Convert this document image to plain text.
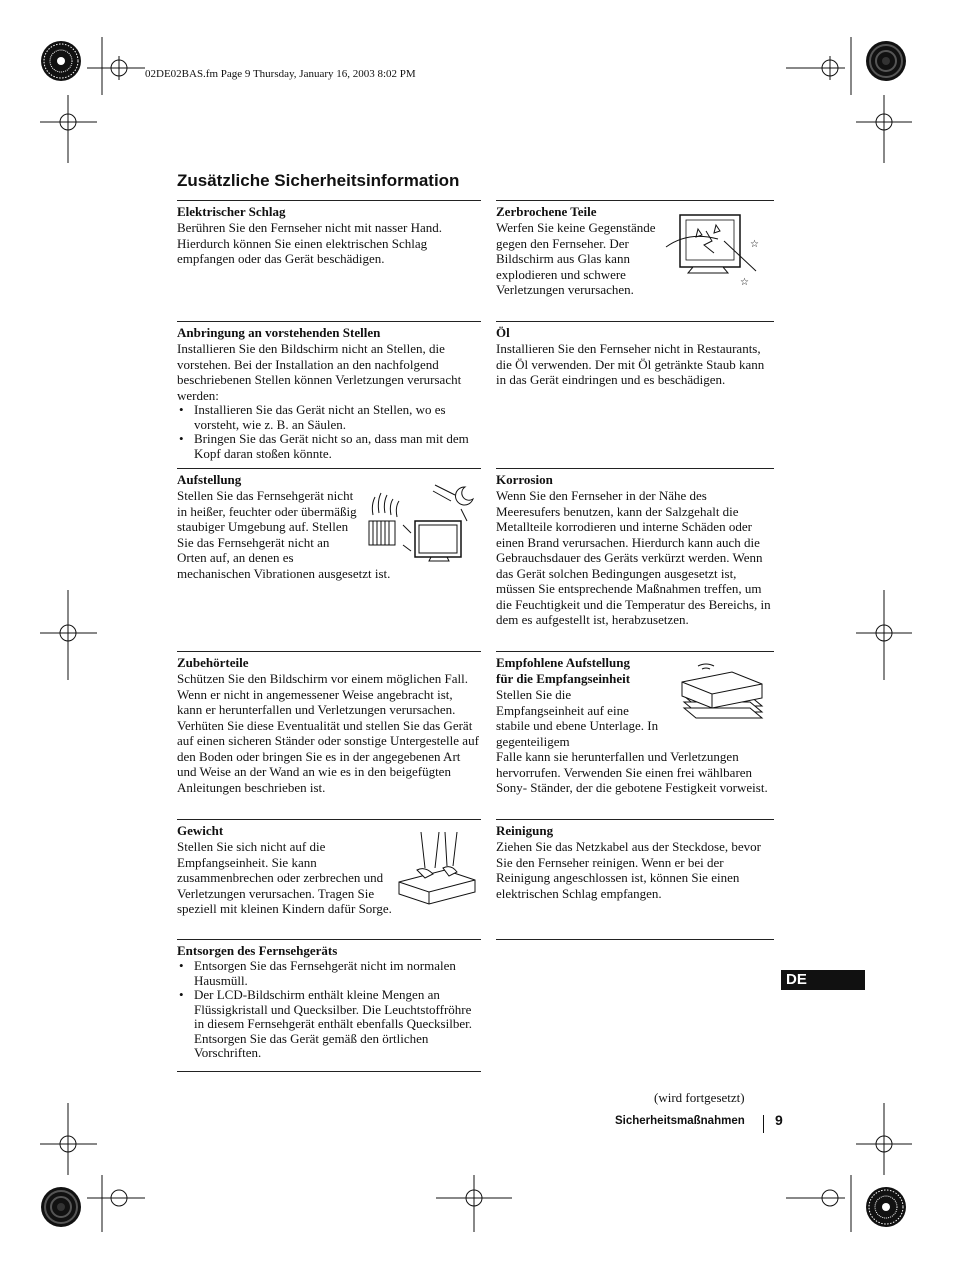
02DE02BAS.fm Page 9 Thursday, January 16, 2003 8:02 PM
Zusätzliche Sicherheitsinformation
Elektrischer Schlag
Berühren Sie den Fernseher nicht mit nasser Hand. Hierdurch können Sie einen elektrischen Schlag empfangen oder das Gerät beschädigen.
Zerbrochene Teile
Werfen Sie keine Gegenstände gegen den Fernseher. Der Bildschirm aus Glas kann explodieren und schwere Verletzungen verursachen.
☆
☆
Anbringung an vorstehenden Stellen
Installieren Sie den Bildschirm nicht an Stellen, die vorstehen. Bei der Installation an den nachfolgend beschriebenen Stellen können Verletzungen verursacht werden:
• Installieren Sie das Gerät nicht an Stellen, wo es vorsteht, wie z. B. an Säulen.
• Bringen Sie das Gerät nicht so an, dass man mit dem Kopf daran stoßen könnte.
Öl
Installieren Sie den Fernseher nicht in Restaurants, die Öl verwenden. Der mit Öl getränkte Staub kann in das Gerät eindringen und es beschädigen.
Aufstellung
Stellen Sie das Fernsehgerät nicht in heißer, feuchter oder übermäßig staubiger Umgebung auf. Stellen Sie das Fernsehgerät nicht an Orten auf, an denen es
mechanischen Vibrationen ausgesetzt ist.
Korrosion
Wenn Sie den Fernseher in der Nähe des Meeresufers benutzen, kann der Salzgehalt die Metallteile korrodieren und interne Schäden oder einen Brand verursachen. Hierdurch kann auch die Gebrauchsdauer des Geräts verkürzt werden. Wenn das Gerät solchen Bedingungen ausgesetzt ist, müssen Sie entsprechende Maßnahmen treffen, um die Feuchtigkeit und die Temperatur des Bereichs, in dem es aufgestellt ist, herabzusetzen.
Zubehörteile
Schützen Sie den Bildschirm vor einem möglichen Fall. Wenn er nicht in angemessener Weise angebracht ist, kann er herunterfallen und Verletzungen verursachen. Verhüten Sie diese Eventualität und stellen Sie das Gerät auf einen sicheren Ständer oder sonstige Untergestelle auf den Boden oder bringen Sie es in der angegebenen Art und Weise an der Wand an wie es in den beigefügten Anleitungen beschrieben ist.
Empfohlene Aufstellung
für die Empfangseinheit
Stellen Sie die Empfangseinheit auf eine stabile und ebene Unterlage. In gegenteiligem
Falle kann sie herunterfallen und Verletzungen hervorrufen. Verwenden Sie einen frei wählbaren Sony- Ständer, der die gebotene Festigkeit vorweist.
Gewicht
Stellen Sie sich nicht auf die Empfangseinheit. Sie kann zusammenbrechen oder zerbrechen und Verletzungen verursachen. Tragen Sie speziell mit kleinen Kindern dafür Sorge.
Reinigung
Ziehen Sie das Netzkabel aus der Steckdose, bevor Sie den Fernseher reinigen. Wenn er bei der Reinigung angeschlossen ist, können Sie einen elektrischen Schlag empfangen.
Entsorgen des Fernsehgeräts
• Entsorgen Sie das Fernsehgerät nicht im normalen Hausmüll.
• Der LCD-Bildschirm enthält kleine Mengen an Flüssigkristall und Quecksilber. Die Leuchtstoffröhre in diesem Fernsehgerät enthält ebenfalls Quecksilber. Entsorgen Sie das Gerät gemäß den örtlichen Vorschriften.
DE
(wird fortgesetzt)
Sicherheitsmaßnahmen 9
